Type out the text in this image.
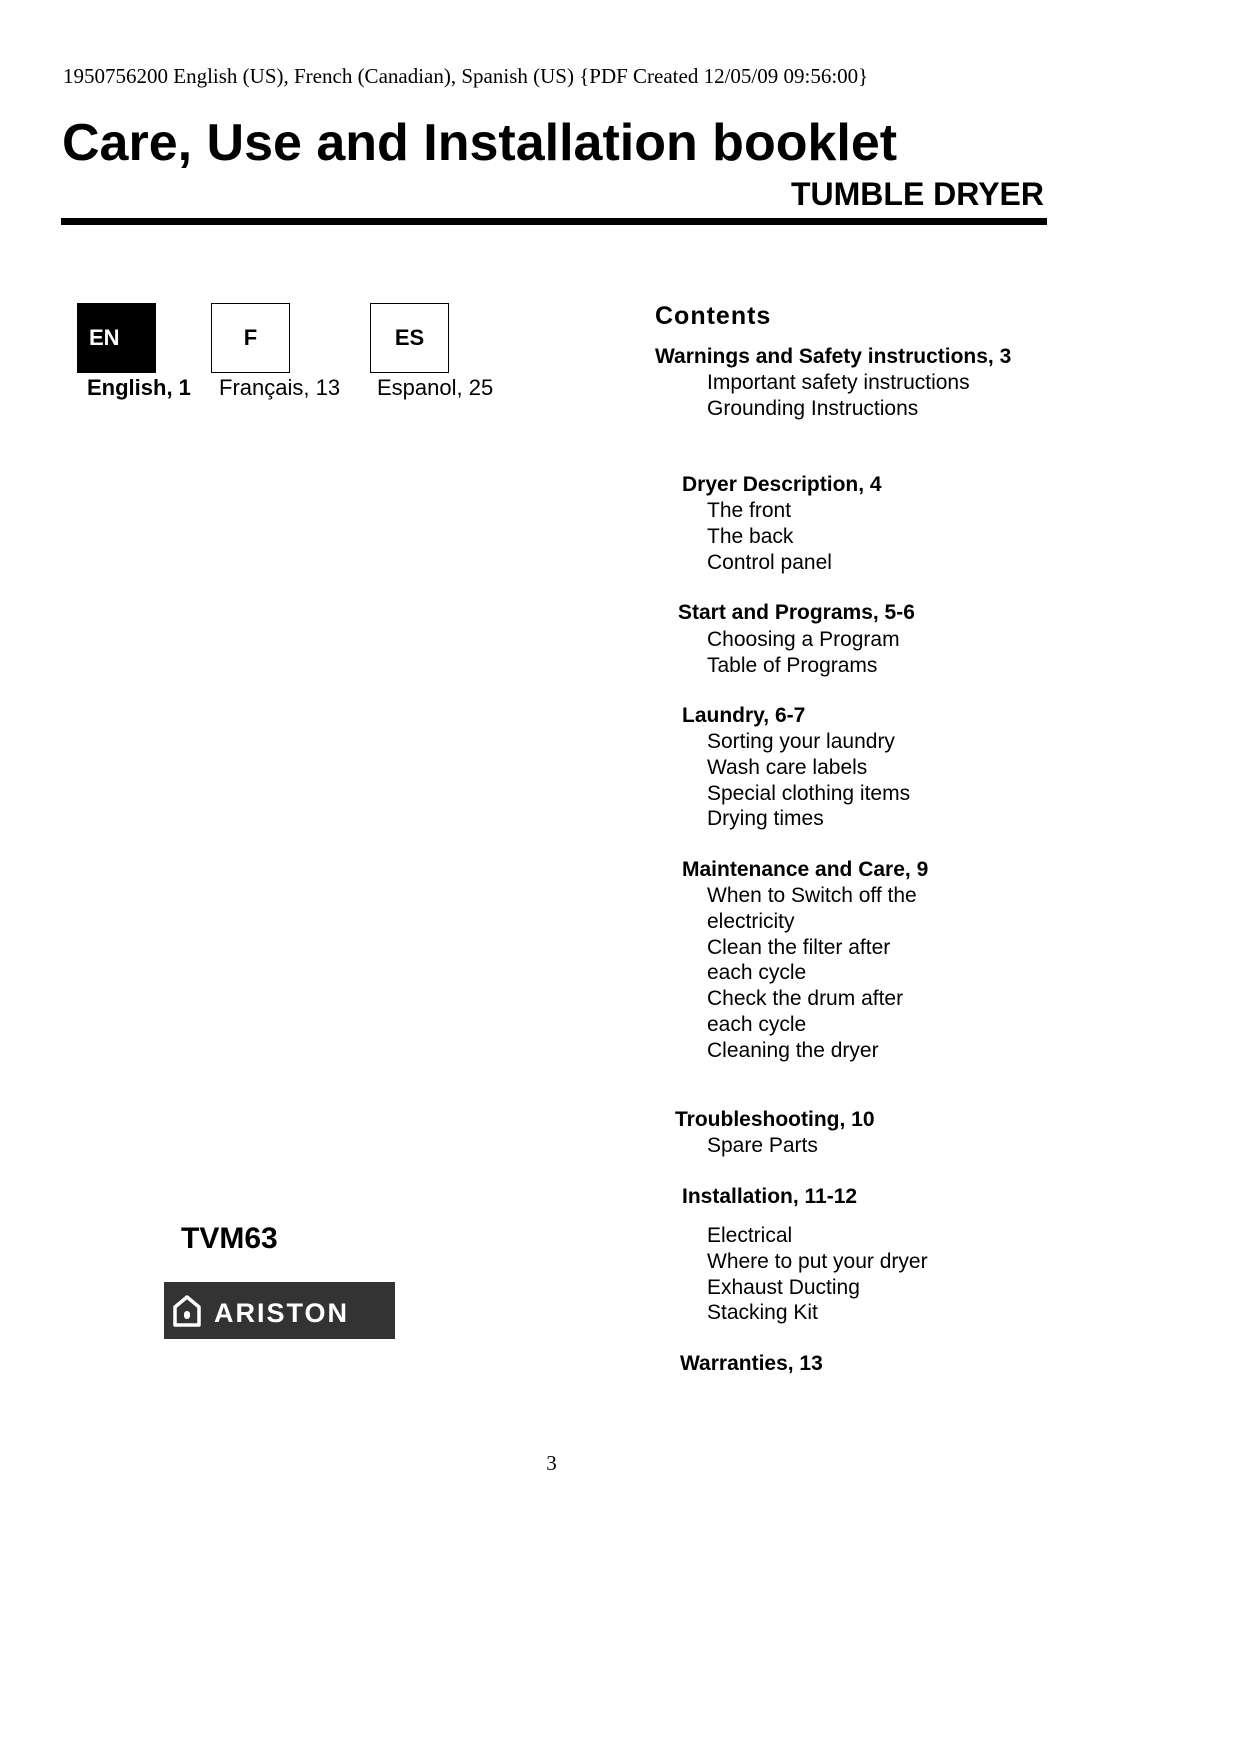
1950756200 English (US), French (Canadian), Spanish (US) {PDF Created 12/05/09 09:56:00}
Care, Use and Installation booklet
TUMBLE DRYER
EN	F	ES
English, 1 Français, 13 Espanol, 25
TVM63
ARISTON
Contents
Warnings and Safety instructions, 3
Important safety instructions
Grounding Instructions
Dryer Description, 4
The front
The back
Control panel
Start and Programs, 5-6
Choosing a Program
Table of Programs
Laundry, 6-7
Sorting your laundry
Wash care labels
Special clothing items
Drying times
Maintenance and Care, 9
When to Switch off the
electricity
Clean the filter after
each cycle
Check the drum after
each cycle
Cleaning the dryer
Troubleshooting, 10
Spare Parts
Installation, 11-12
Electrical
Where to put your dryer
Exhaust Ducting
Stacking Kit
Warranties, 13
3
